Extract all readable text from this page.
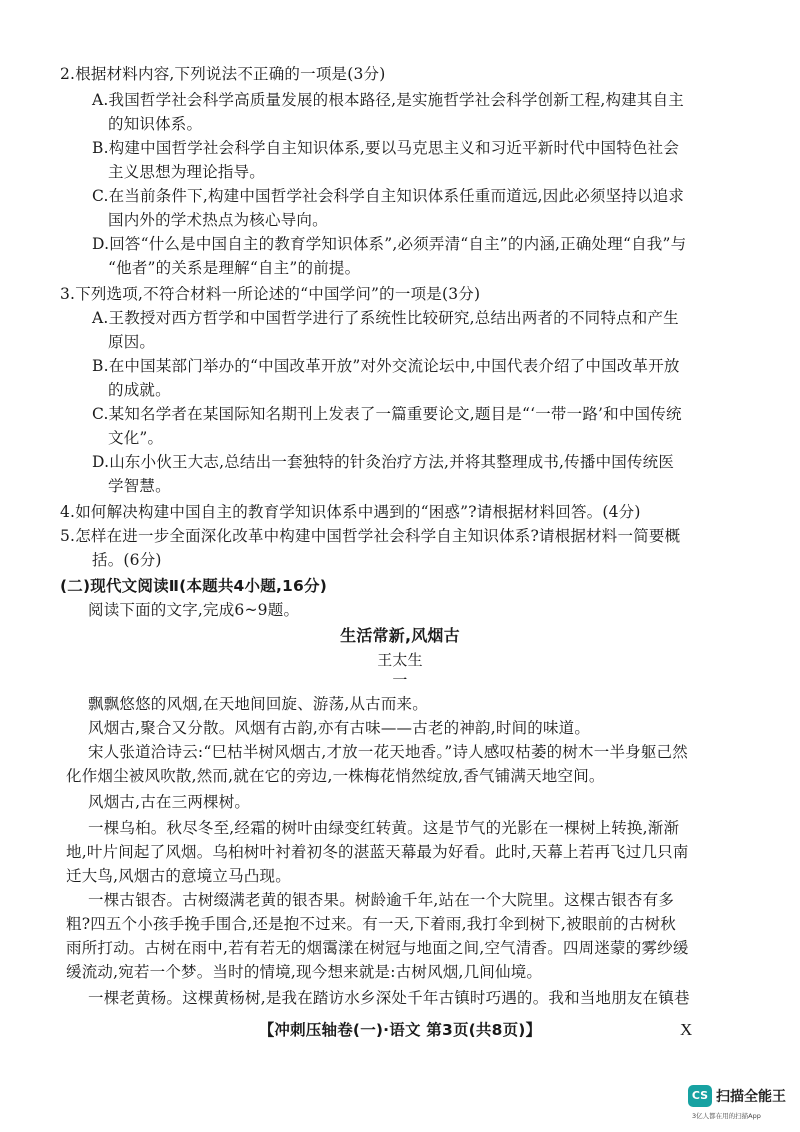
2.根据材料内容,下列说法不正确的一项是(3分)
A.我国哲学社会科学高质量发展的根本路径,是实施哲学社会科学创新工程,构建其自主
的知识体系。
B.构建中国哲学社会科学自主知识体系,要以马克思主义和习近平新时代中国特色社会
主义思想为理论指导。
C.在当前条件下,构建中国哲学社会科学自主知识体系任重而道远,因此必须坚持以追求
国内外的学术热点为核心导向。
D.回答“什么是中国自主的教育学知识体系”,必须弄清“自主”的内涵,正确处理“自我”与
“他者”的关系是理解“自主”的前提。
3.下列选项,不符合材料一所论述的“中国学问”的一项是(3分)
A.王教授对西方哲学和中国哲学进行了系统性比较研究,总结出两者的不同特点和产生
原因。
B.在中国某部门举办的“中国改革开放”对外交流论坛中,中国代表介绍了中国改革开放
的成就。
C.某知名学者在某国际知名期刊上发表了一篇重要论文,题目是“‘一带一路’和中国传统
文化”。
D.山东小伙王大志,总结出一套独特的针灸治疗方法,并将其整理成书,传播中国传统医
学智慧。
4.如何解决构建中国自主的教育学知识体系中遇到的“困惑”?请根据材料回答。(4分)
5.怎样在进一步全面深化改革中构建中国哲学社会科学自主知识体系?请根据材料一简要概
括。(6分)
(二)现代文阅读Ⅱ(本题共4小题,16分)
阅读下面的文字,完成6~9题。
生活常新,风烟古
王太生
一
飘飘悠悠的风烟,在天地间回旋、游荡,从古而来。
风烟古,聚合又分散。风烟有古韵,亦有古味——古老的神韵,时间的味道。
宋人张道洽诗云:“巳枯半树风烟古,才放一花天地香。”诗人感叹枯萎的树木一半身躯己然
化作烟尘被风吹散,然而,就在它的旁边,一株梅花悄然绽放,香气铺满天地空间。
风烟古,古在三两棵树。
一棵乌桕。秋尽冬至,经霜的树叶由绿变红转黄。这是节气的光影在一棵树上转换,渐渐
地,叶片间起了风烟。乌桕树叶衬着初冬的湛蓝天幕最为好看。此时,天幕上若再飞过几只南
迁大鸟,风烟古的意境立马凸现。
一棵古银杏。古树缀满老黄的银杏果。树龄逾千年,站在一个大院里。这棵古银杏有多
粗?四五个小孩手挽手围合,还是抱不过来。有一天,下着雨,我打伞到树下,被眼前的古树秋
雨所打动。古树在雨中,若有若无的烟霭漾在树冠与地面之间,空气清香。四周迷蒙的雾纱缓
缓流动,宛若一个梦。当时的情境,现今想来就是:古树风烟,几间仙境。
一棵老黄杨。这棵黄杨树,是我在踏访水乡深处千年古镇时巧遇的。我和当地朋友在镇巷
【冲刺压轴卷(一)·语文 第3页(共8页)】	X
CS 扫描全能王
3亿人都在用的扫描App
